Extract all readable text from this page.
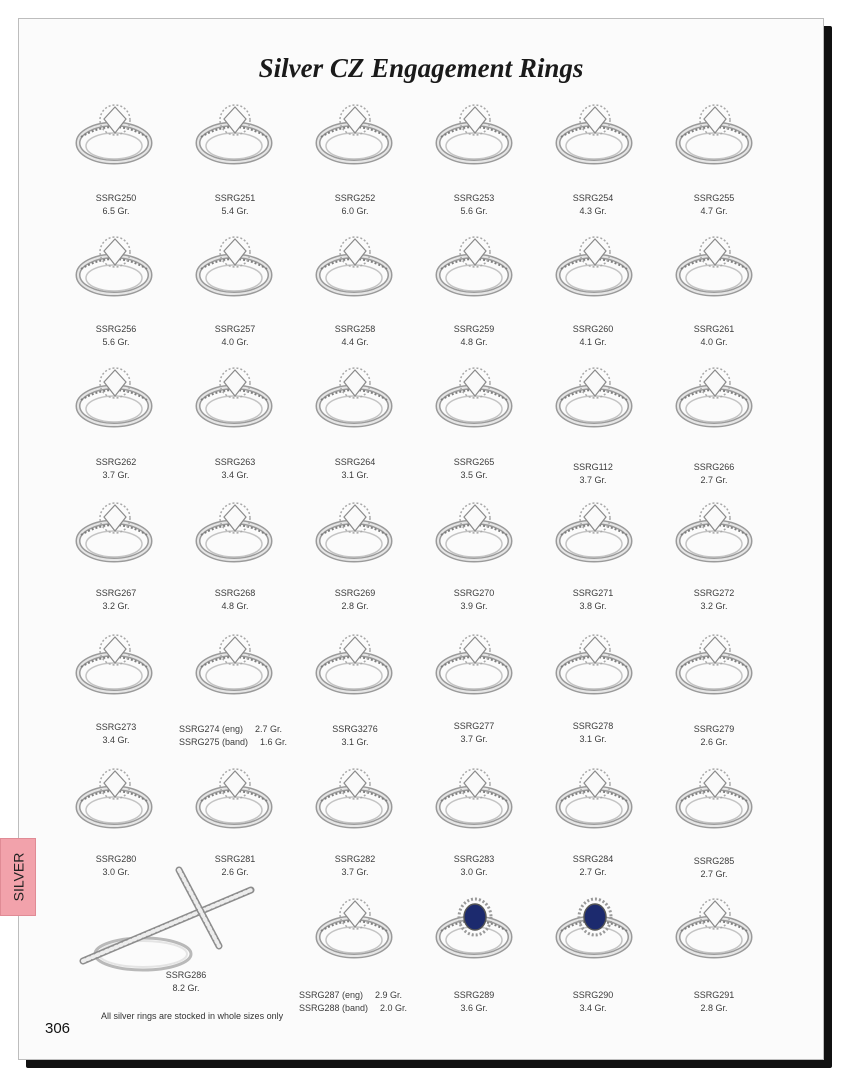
Silver CZ Engagement Rings
SSRG250
6.5 Gr.
SSRG251
5.4 Gr.
SSRG252
6.0 Gr.
SSRG253
5.6 Gr.
SSRG254
4.3 Gr.
SSRG255
4.7 Gr.
SSRG256
5.6 Gr.
SSRG257
4.0 Gr.
SSRG258
4.4 Gr.
SSRG259
4.8 Gr.
SSRG260
4.1 Gr.
SSRG261
4.0 Gr.
SSRG262
3.7 Gr.
SSRG263
3.4 Gr.
SSRG264
3.1 Gr.
SSRG265
3.5 Gr.
SSRG112
3.7 Gr.
SSRG266
2.7 Gr.
SSRG267
3.2 Gr.
SSRG268
4.8 Gr.
SSRG269
2.8 Gr.
SSRG270
3.9 Gr.
SSRG271
3.8 Gr.
SSRG272
3.2 Gr.
SSRG273
3.4 Gr.
SSRG274 (eng) 2.7 Gr.
SSRG275 (band) 1.6 Gr.
SSRG3276
3.1 Gr.
SSRG277
3.7 Gr.
SSRG278
3.1 Gr.
SSRG279
2.6 Gr.
SSRG280
3.0 Gr.
SSRG281
2.6 Gr.
SSRG282
3.7 Gr.
SSRG283
3.0 Gr.
SSRG284
2.7 Gr.
SSRG285
2.7 Gr.
SSRG286
8.2 Gr.
SSRG287 (eng) 2.9 Gr.
SSRG288 (band) 2.0 Gr.
SSRG289
3.6 Gr.
SSRG290
3.4 Gr.
SSRG291
2.8 Gr.
All silver rings are stocked in whole sizes only
306
SILVER
